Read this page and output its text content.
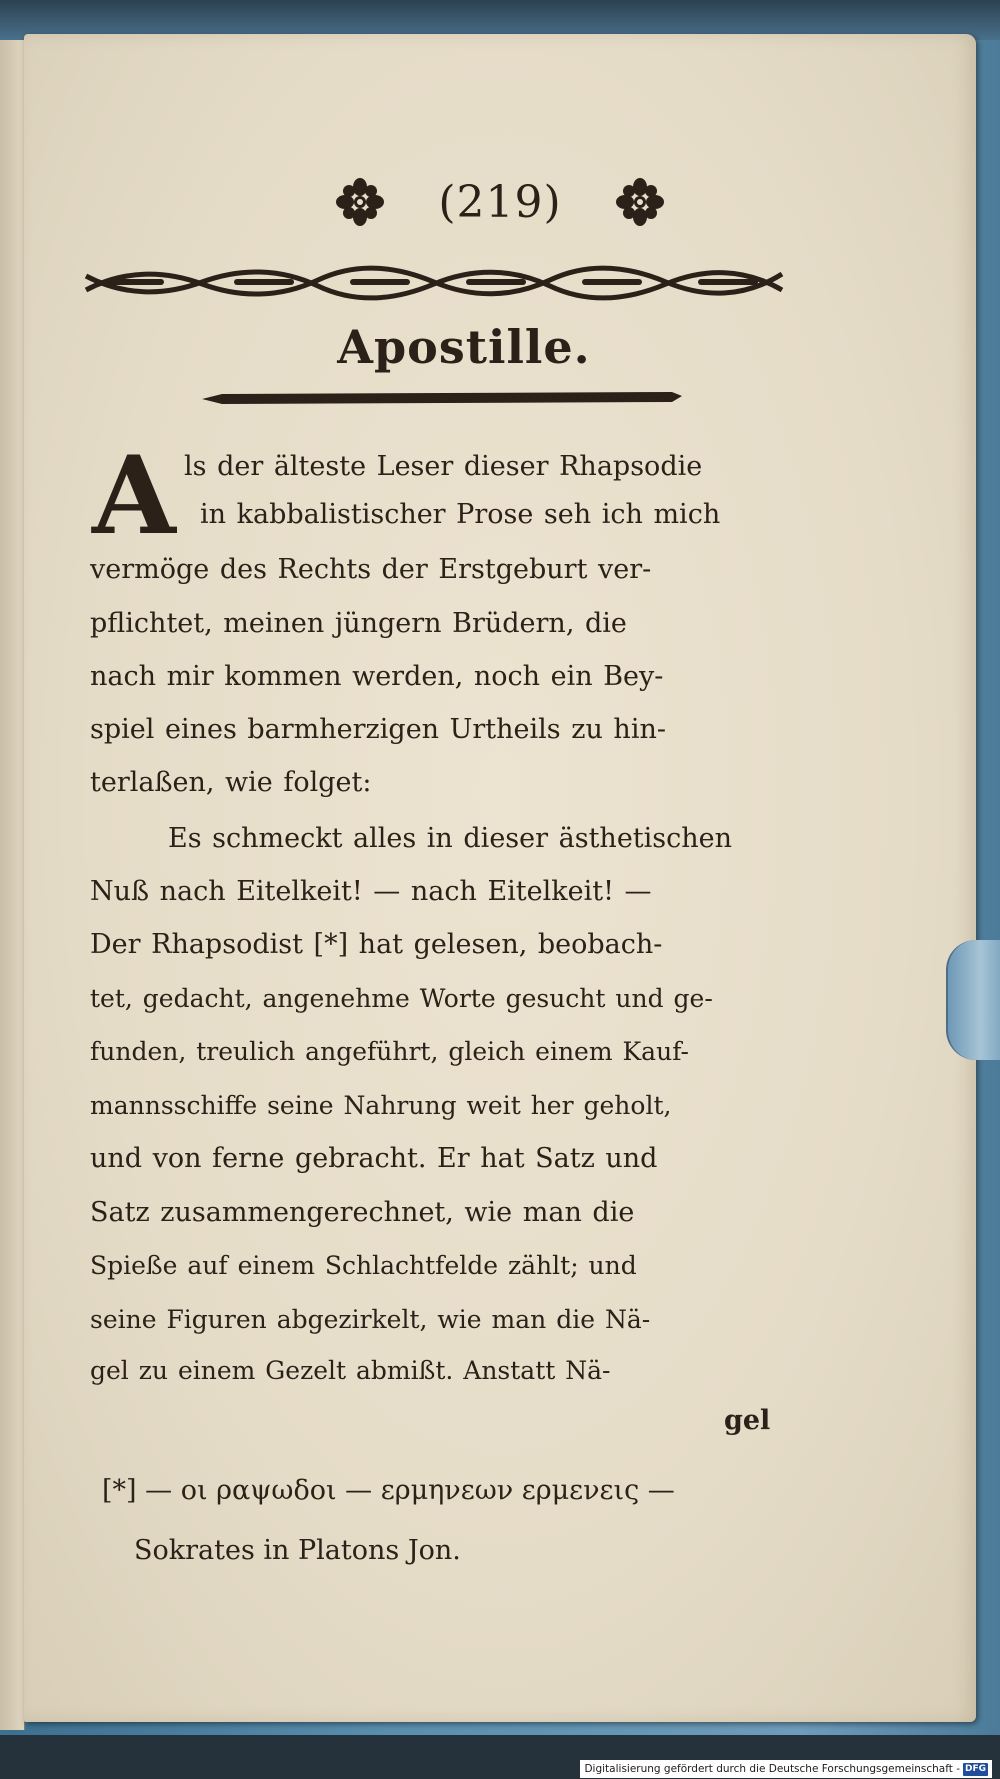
(219)
Apostille.
A ls der älteste Leser dieser Rhapsodie
in kabbalistischer Prose seh ich mich
vermöge des Rechts der Erstgeburt ver-
pflichtet, meinen jüngern Brüdern, die
nach mir kommen werden, noch ein Bey-
spiel eines barmherzigen Urtheils zu hin-
terlaßen, wie folget:
Es schmeckt alles in dieser ästhetischen
Nuß nach Eitelkeit! — nach Eitelkeit! —
Der Rhapsodist [*] hat gelesen, beobach-
tet, gedacht, angenehme Worte gesucht und ge-
funden, treulich angeführt, gleich einem Kauf-
mannsschiffe seine Nahrung weit her geholt,
und von ferne gebracht. Er hat Satz und
Satz zusammengerechnet, wie man die
Spieße auf einem Schlachtfelde zählt; und
seine Figuren abgezirkelt, wie man die Nä-
gel zu einem Gezelt abmißt. Anstatt Nä-
gel
[*] — οι ραψωδοι — ερμηνεων ερμενεις —
Sokrates in Platons Jon.
Digitalisierung gefördert durch die Deutsche Forschungsgemeinschaft - DFG
